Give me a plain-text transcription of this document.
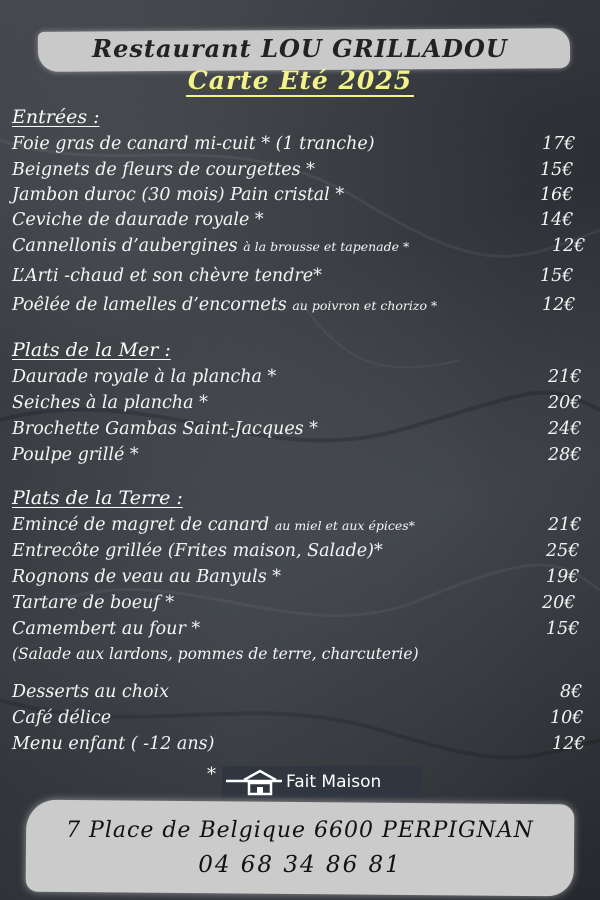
Restaurant LOU GRILLADOU
Carte Eté 2025
Entrées :
Foie gras de canard mi-cuit * (1 tranche)	17€
Beignets de fleurs de courgettes *	15€
Jambon duroc (30 mois) Pain cristal *	16€
Ceviche de daurade royale *	14€
Cannellonis d’aubergines à la brousse et tapenade *	12€
L’Arti -chaud et son chèvre tendre*	15€
Poêlée de lamelles d’encornets au poivron et chorizo *	12€
Plats de la Mer :
Daurade royale à la plancha *	21€
Seiches à la plancha *	20€
Brochette Gambas Saint-Jacques *	24€
Poulpe grillé *	28€
Plats de la Terre :
Emincé de magret de canard au miel et aux épices*	21€
Entrecôte grillée (Frites maison, Salade)*	25€
Rognons de veau au Banyuls *	19€
Tartare de boeuf *	20€
Camembert au four *	15€
(Salade aux lardons, pommes de terre, charcuterie)
Desserts au choix	8€
Café délice	10€
Menu enfant ( -12 ans)	12€
*	Fait Maison
7 Place de Belgique 6600 PERPIGNAN
04 68 34 86 81
